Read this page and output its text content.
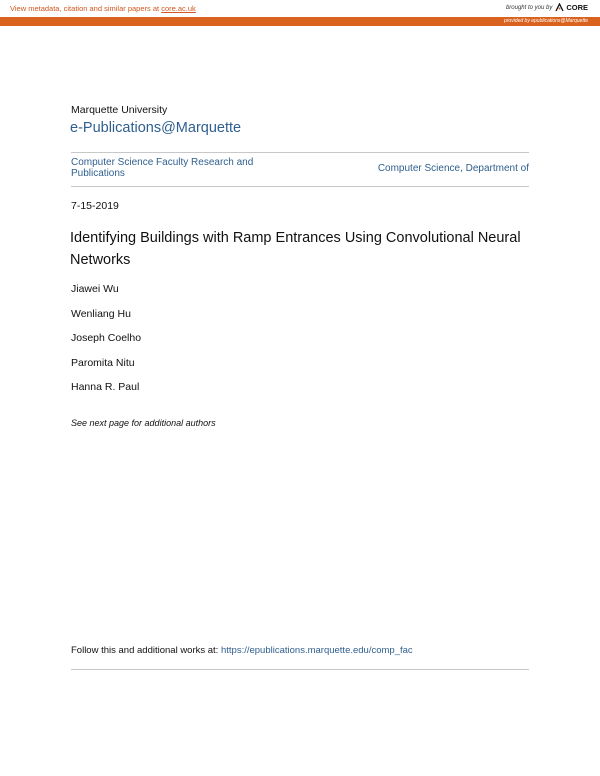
View metadata, citation and similar papers at core.ac.uk	brought to you by CORE
provided by epublications@Marquette
Marquette University
e-Publications@Marquette
Computer Science Faculty Research and Publications	Computer Science, Department of
7-15-2019
Identifying Buildings with Ramp Entrances Using Convolutional Neural Networks
Jiawei Wu
Wenliang Hu
Joseph Coelho
Paromita Nitu
Hanna R. Paul
See next page for additional authors
Follow this and additional works at: https://epublications.marquette.edu/comp_fac
